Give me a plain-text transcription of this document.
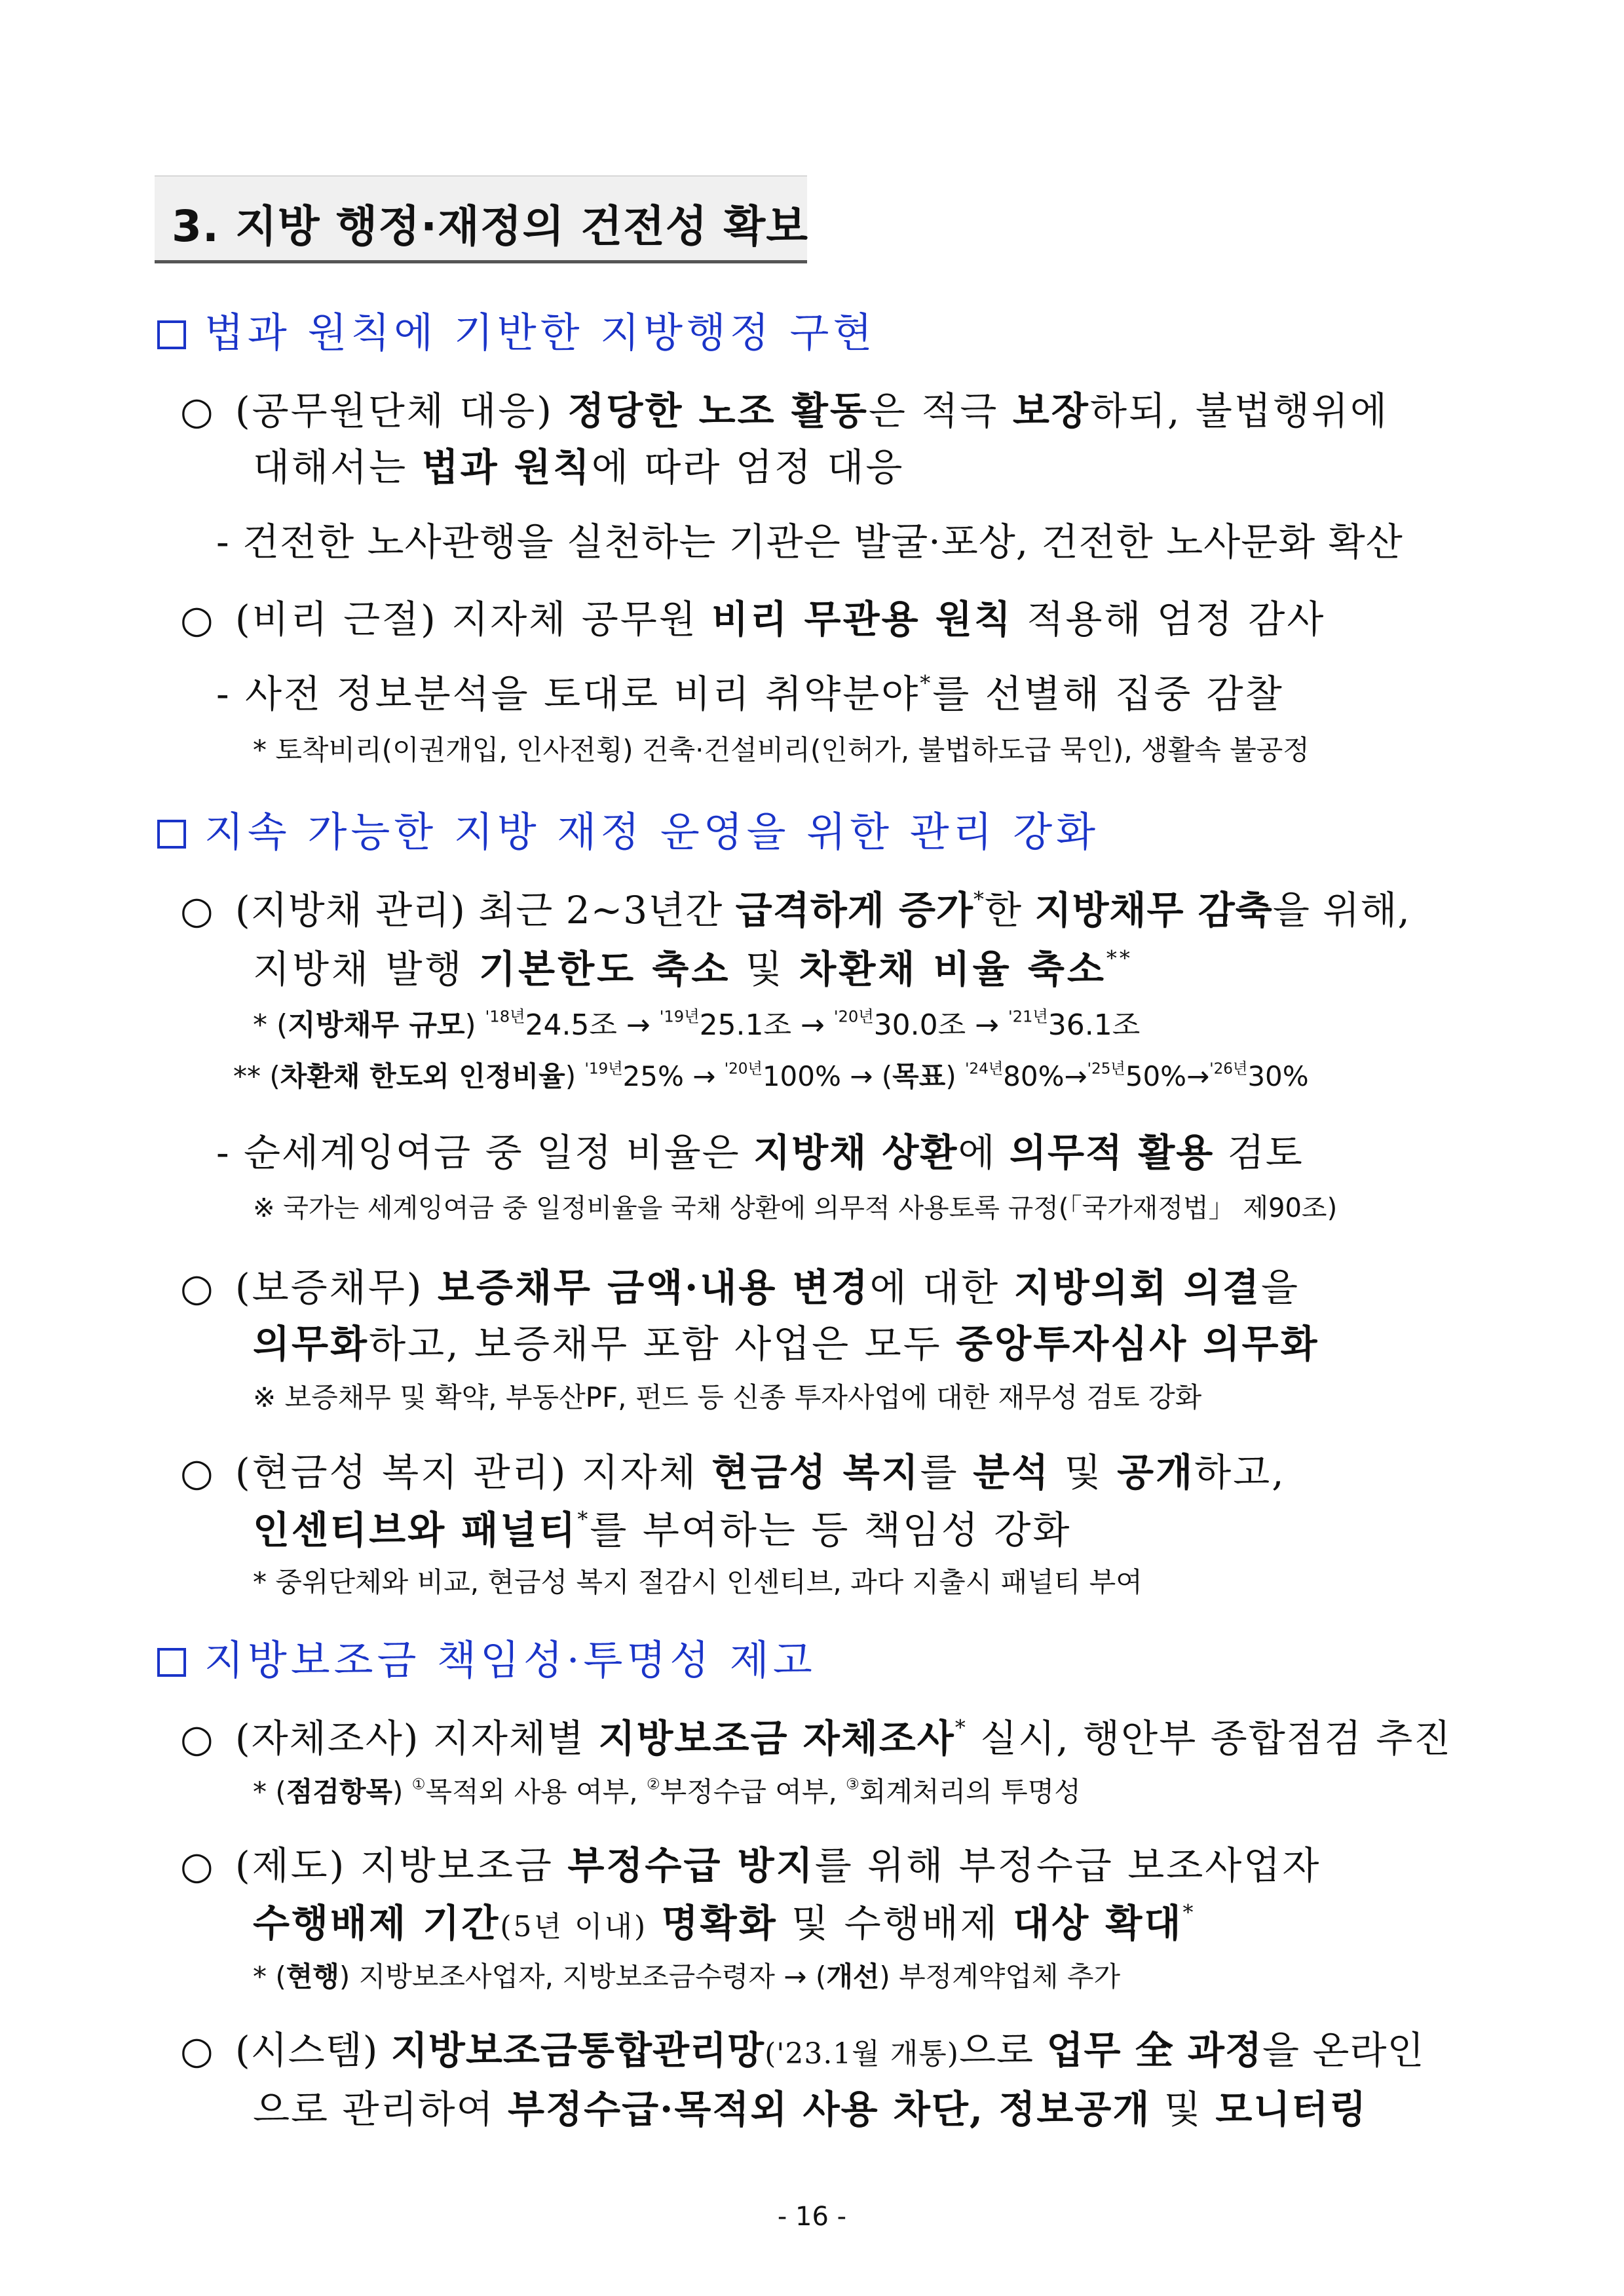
3. 지방 행정·재정의 건전성 확보
법과 원칙에 기반한 지방행정 구현
○ (공무원단체 대응) 정당한 노조 활동은 적극 보장하되, 불법행위에
대해서는 법과 원칙에 따라 엄정 대응
- 건전한 노사관행을 실천하는 기관은 발굴·포상, 건전한 노사문화 확산
○ (비리 근절) 지자체 공무원 비리 무관용 원칙 적용해 엄정 감사
- 사전 정보분석을 토대로 비리 취약분야*를 선별해 집중 감찰
* 토착비리(이권개입, 인사전횡) 건축·건설비리(인허가, 불법하도급 묵인), 생활속 불공정
지속 가능한 지방 재정 운영을 위한 관리 강화
○ (지방채 관리) 최근 2~3년간 급격하게 증가*한 지방채무 감축을 위해,
지방채 발행 기본한도 축소 및 차환채 비율 축소**
* (지방채무 규모) $^{'18년}$24.5조 → $^{'19년}$25.1조 → $^{'20년}$30.0조 → $^{'21년}$36.1조
** (차환채 한도외 인정비율) $^{'19년}$25% → $^{'20년}$100% → (목표) $^{'24년}$80%→$^{'25년}$50%→$^{'26년}$30%
- 순세계잉여금 중 일정 비율은 지방채 상환에 의무적 활용 검토
※ 국가는 세계잉여금 중 일정비율을 국채 상환에 의무적 사용토록 규정(「국가재정법」 제90조)
○ (보증채무) 보증채무 금액·내용 변경에 대한 지방의회 의결을
의무화하고, 보증채무 포함 사업은 모두 중앙투자심사 의무화
※ 보증채무 및 확약, 부동산PF, 펀드 등 신종 투자사업에 대한 재무성 검토 강화
○ (현금성 복지 관리) 지자체 현금성 복지를 분석 및 공개하고,
인센티브와 패널티*를 부여하는 등 책임성 강화
* 중위단체와 비교, 현금성 복지 절감시 인센티브, 과다 지출시 패널티 부여
지방보조금 책임성·투명성 제고
○ (자체조사) 지자체별 지방보조금 자체조사* 실시, 행안부 종합점검 추진
* (점검항목) ①목적외 사용 여부, ②부정수급 여부, ③회계처리의 투명성
○ (제도) 지방보조금 부정수급 방지를 위해 부정수급 보조사업자
수행배제 기간(5년 이내) 명확화 및 수행배제 대상 확대*
* (현행) 지방보조사업자, 지방보조금수령자 → (개선) 부정계약업체 추가
○ (시스템) 지방보조금통합관리망('23.1월 개통)으로 업무 全 과정을 온라인
으로 관리하여 부정수급·목적외 사용 차단, 정보공개 및 모니터링
- 16 -
